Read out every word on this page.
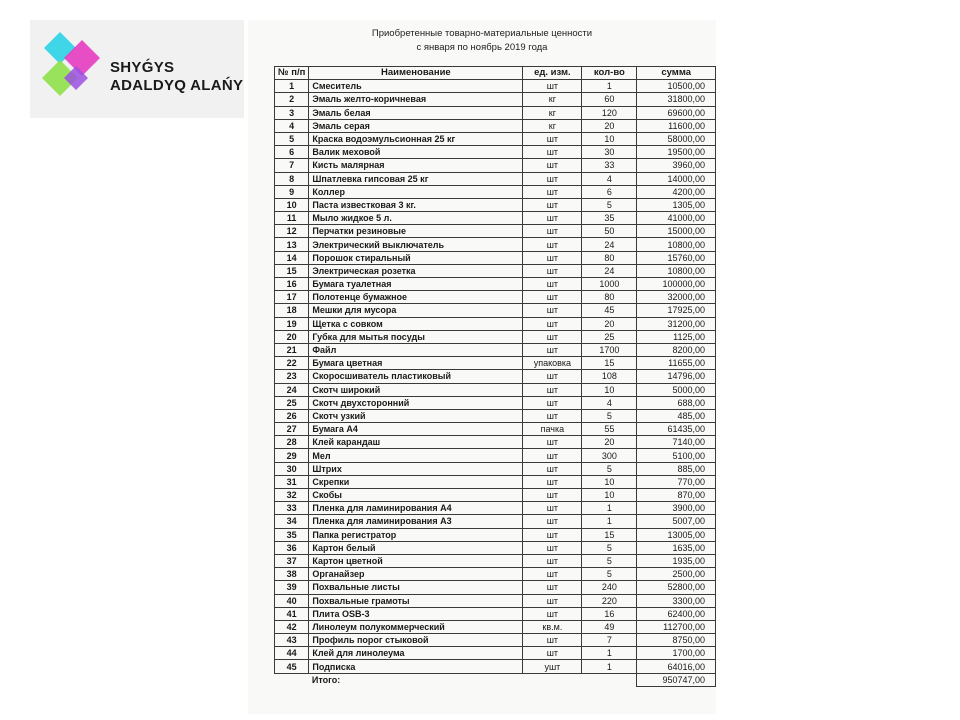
SHYǴYS
ADALDYQ ALAŃY
Приобретенные товарно-материальные ценности
с января по ноябрь 2019 года
№ п/п	Наименование	ед. изм.	кол-во	сумма
1	Смеситель	шт	1	10500,00
2	Эмаль желто-коричневая	кг	60	31800,00
3	Эмаль белая	кг	120	69600,00
4	Эмаль серая	кг	20	11600,00
5	Краска водоэмульсионная 25 кг	шт	10	58000,00
6	Валик меховой	шт	30	19500,00
7	Кисть малярная	шт	33	3960,00
8	Шпатлевка гипсовая 25 кг	шт	4	14000,00
9	Коллер	шт	6	4200,00
10	Паста известковая 3 кг.	шт	5	1305,00
11	Мыло жидкое 5 л.	шт	35	41000,00
12	Перчатки резиновые	шт	50	15000,00
13	Электрический выключатель	шт	24	10800,00
14	Порошок стиральный	шт	80	15760,00
15	Электрическая розетка	шт	24	10800,00
16	Бумага туалетная	шт	1000	100000,00
17	Полотенце бумажное	шт	80	32000,00
18	Мешки для мусора	шт	45	17925,00
19	Щетка с совком	шт	20	31200,00
20	Губка для мытья посуды	шт	25	1125,00
21	Файл	шт	1700	8200,00
22	Бумага цветная	упаковка	15	11655,00
23	Скоросшиватель пластиковый	шт	108	14796,00
24	Скотч широкий	шт	10	5000,00
25	Скотч двухсторонний	шт	4	688,00
26	Скотч узкий	шт	5	485,00
27	Бумага А4	пачка	55	61435,00
28	Клей карандаш	шт	20	7140,00
29	Мел	шт	300	5100,00
30	Штрих	шт	5	885,00
31	Скрепки	шт	10	770,00
32	Скобы	шт	10	870,00
33	Пленка для ламинирования А4	шт	1	3900,00
34	Пленка для ламинирования А3	шт	1	5007,00
35	Папка регистратор	шт	15	13005,00
36	Картон белый	шт	5	1635,00
37	Картон цветной	шт	5	1935,00
38	Органайзер	шт	5	2500,00
39	Похвальные листы	шт	240	52800,00
40	Похвальные грамоты	шт	220	3300,00
41	Плита OSB-3	шт	16	62400,00
42	Линолеум полукоммерческий	кв.м.	49	112700,00
43	Профиль порог стыковой	шт	7	8750,00
44	Клей для линолеума	шт	1	1700,00
45	Подписка	ушт	1	64016,00
	Итого:			950747,00
